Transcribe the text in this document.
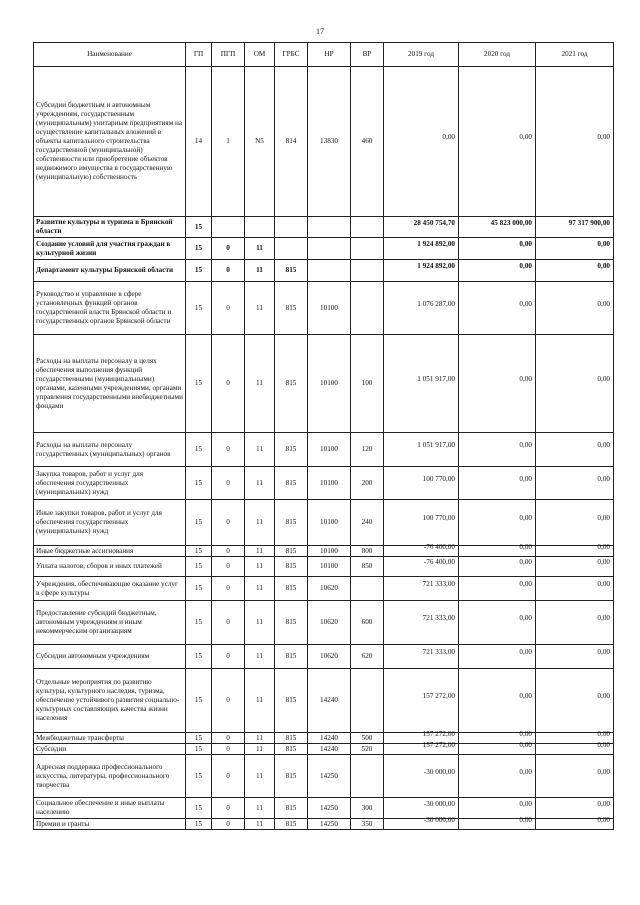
17
Наименование	ГП	ПГП	ОМ	ГРБС	НР	ВР	2019 год	2020 год	2021 год

Субсидии бюджетным и автономным учреждениям, государственным (муниципальным) унитарным предприятиям на осуществление капитальных вложений в объекты капитального строительства государственной (муниципальной) собственности или приобретение объектов недвижимого имущества в государственную (муниципальную) собственность	14	1	N5	814	13830	460	0,00	0,00	0,00

Развитие культуры и туризма в Брянской области	15						28 450 754,70	45 823 000,00	97 317 900,00

Создание условий для участия граждан в культурной жизни	15	0	11				1 924 892,00	0,00	0,00

Департамент культуры Брянской области	15	0	11	815			1 924 892,00	0,00	0,00

Руководство и управление в сфере установленных функций органов государственной власти Брянской области и государственных органов Брянской области	15	0	11	815	10100		1 076 287,00	0,00	0,00

Расходы на выплаты персоналу в целях обеспечения выполнения функций государственными (муниципальными) органами, казенными учреждениями, органами управления государственными внебюджетными фондами	15	0	11	815	10100	100	1 051 917,00	0,00	0,00

Расходы на выплаты персоналу государственных (муниципальных) органов	15	0	11	815	10100	120	1 051 917,00	0,00	0,00

Закупка товаров, работ и услуг для обеспечения государственных (муниципальных) нужд	15	0	11	815	10100	200	100 770,00	0,00	0,00

Иные закупки товаров, работ и услуг для обеспечения государственных (муниципальных) нужд	15	0	11	815	10100	240	100 770,00	0,00	0,00

Иные бюджетные ассигнования	15	0	11	815	10100	800	-76 400,00	0,00	0,00

Уплата налогов, сборов и иных платежей	15	0	11	815	10100	850	-76 400,00	0,00	0,00

Учреждения, обеспечивающие оказание услуг в сфере культуры	15	0	11	815	10620		721 333,00	0,00	0,00

Предоставление субсидий бюджетным, автономным учреждениям и иным некоммерческим организациям	15	0	11	815	10620	600	721 333,00	0,00	0,00

Субсидии автономным учреждениям	15	0	11	815	10620	620	721 333,00	0,00	0,00

Отдельные мероприятия по развитию культуры, культурного наследия, туризма, обеспечение устойчивого развития социально-культурных составляющих качества жизни населения	15	0	11	815	14240		157 272,00	0,00	0,00

Межбюджетные трансферты	15	0	11	815	14240	500	157 272,00	0,00	0,00

Субсидии	15	0	11	815	14240	520	157 272,00	0,00	0,00

Адресная поддержка профессионального искусства, литературы, профессионального творчества	15	0	11	815	14250		-30 000,00	0,00	0,00

Социальное обеспечение и иные выплаты населению	15	0	11	815	14250	300	-30 000,00	0,00	0,00

Премии и гранты	15	0	11	815	14250	350	-30 000,00	0,00	0,00
